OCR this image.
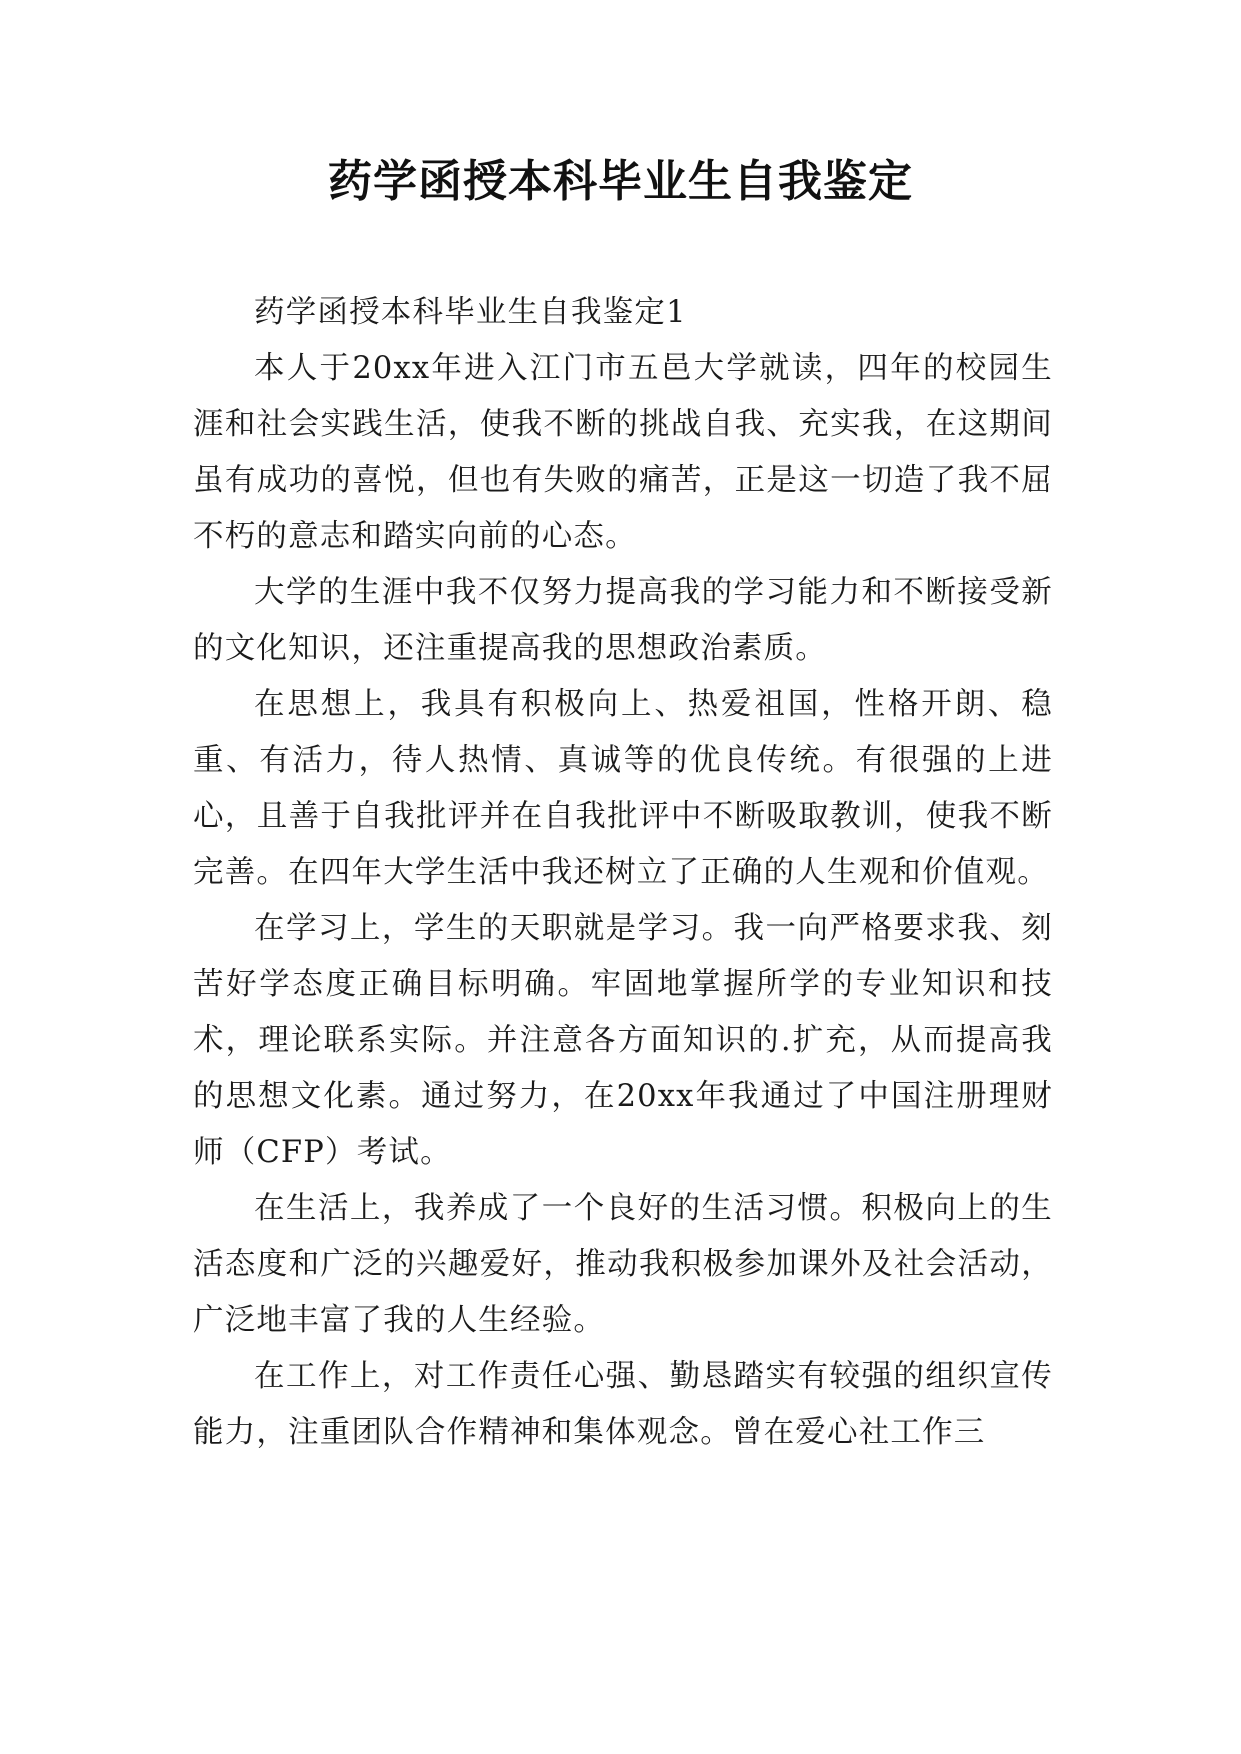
药学函授本科毕业生自我鉴定

药学函授本科毕业生自我鉴定1

本人于20xx年进入江门市五邑大学就读，四年的校园生涯和社会实践生活，使我不断的挑战自我、充实我，在这期间虽有成功的喜悦，但也有失败的痛苦，正是这一切造了我不屈不朽的意志和踏实向前的心态。

大学的生涯中我不仅努力提高我的学习能力和不断接受新的文化知识，还注重提高我的思想政治素质。

在思想上，我具有积极向上、热爱祖国，性格开朗、稳重、有活力，待人热情、真诚等的优良传统。有很强的上进心，且善于自我批评并在自我批评中不断吸取教训，使我不断完善。在四年大学生活中我还树立了正确的人生观和价值观。

在学习上，学生的天职就是学习。我一向严格要求我、刻苦好学态度正确目标明确。牢固地掌握所学的专业知识和技术，理论联系实际。并注意各方面知识的.扩充，从而提高我的思想文化素。通过努力，在20xx年我通过了中国注册理财师（CFP）考试。

在生活上，我养成了一个良好的生活习惯。积极向上的生活态度和广泛的兴趣爱好，推动我积极参加课外及社会活动，广泛地丰富了我的人生经验。

在工作上，对工作责任心强、勤恳踏实有较强的组织宣传能力，注重团队合作精神和集体观念。曾在爱心社工作三
